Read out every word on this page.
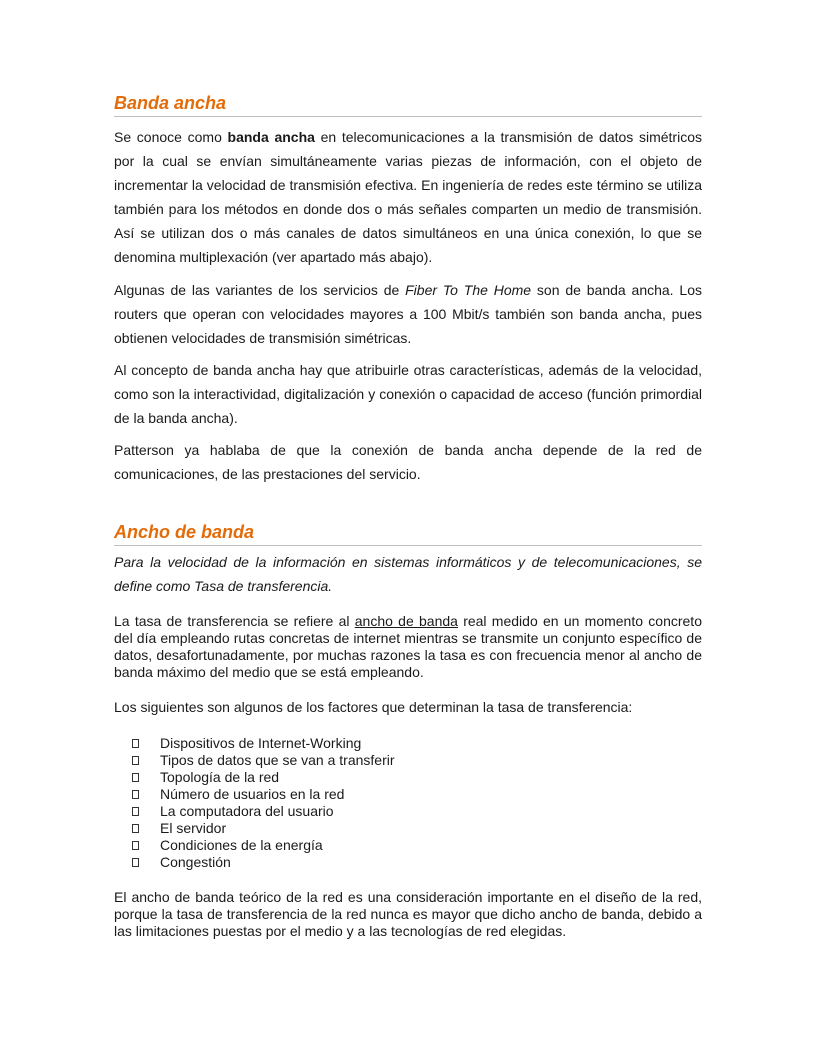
Banda ancha

Se conoce como banda ancha en telecomunicaciones a la transmisión de datos simétricos por la cual se envían simultáneamente varias piezas de información, con el objeto de incrementar la velocidad de transmisión efectiva. En ingeniería de redes este término se utiliza también para los métodos en donde dos o más señales comparten un medio de transmisión. Así se utilizan dos o más canales de datos simultáneos en una única conexión, lo que se denomina multiplexación (ver apartado más abajo).

Algunas de las variantes de los servicios de Fiber To The Home son de banda ancha. Los routers que operan con velocidades mayores a 100 Mbit/s también son banda ancha, pues obtienen velocidades de transmisión simétricas.

Al concepto de banda ancha hay que atribuirle otras características, además de la velocidad, como son la interactividad, digitalización y conexión o capacidad de acceso (función primordial de la banda ancha).

Patterson ya hablaba de que la conexión de banda ancha depende de la red de comunicaciones, de las prestaciones del servicio.

Ancho de banda

Para la velocidad de la información en sistemas informáticos y de telecomunicaciones, se define como Tasa de transferencia.

La tasa de transferencia se refiere al ancho de banda real medido en un momento concreto del día empleando rutas concretas de internet mientras se transmite un conjunto específico de datos, desafortunadamente, por muchas razones la tasa es con frecuencia menor al ancho de banda máximo del medio que se está empleando.

Los siguientes son algunos de los factores que determinan la tasa de transferencia:

Dispositivos de Internet-Working
Tipos de datos que se van a transferir
Topología de la red
Número de usuarios en la red
La computadora del usuario
El servidor
Condiciones de la energía
Congestión

El ancho de banda teórico de la red es una consideración importante en el diseño de la red, porque la tasa de transferencia de la red nunca es mayor que dicho ancho de banda, debido a las limitaciones puestas por el medio y a las tecnologías de red elegidas.
